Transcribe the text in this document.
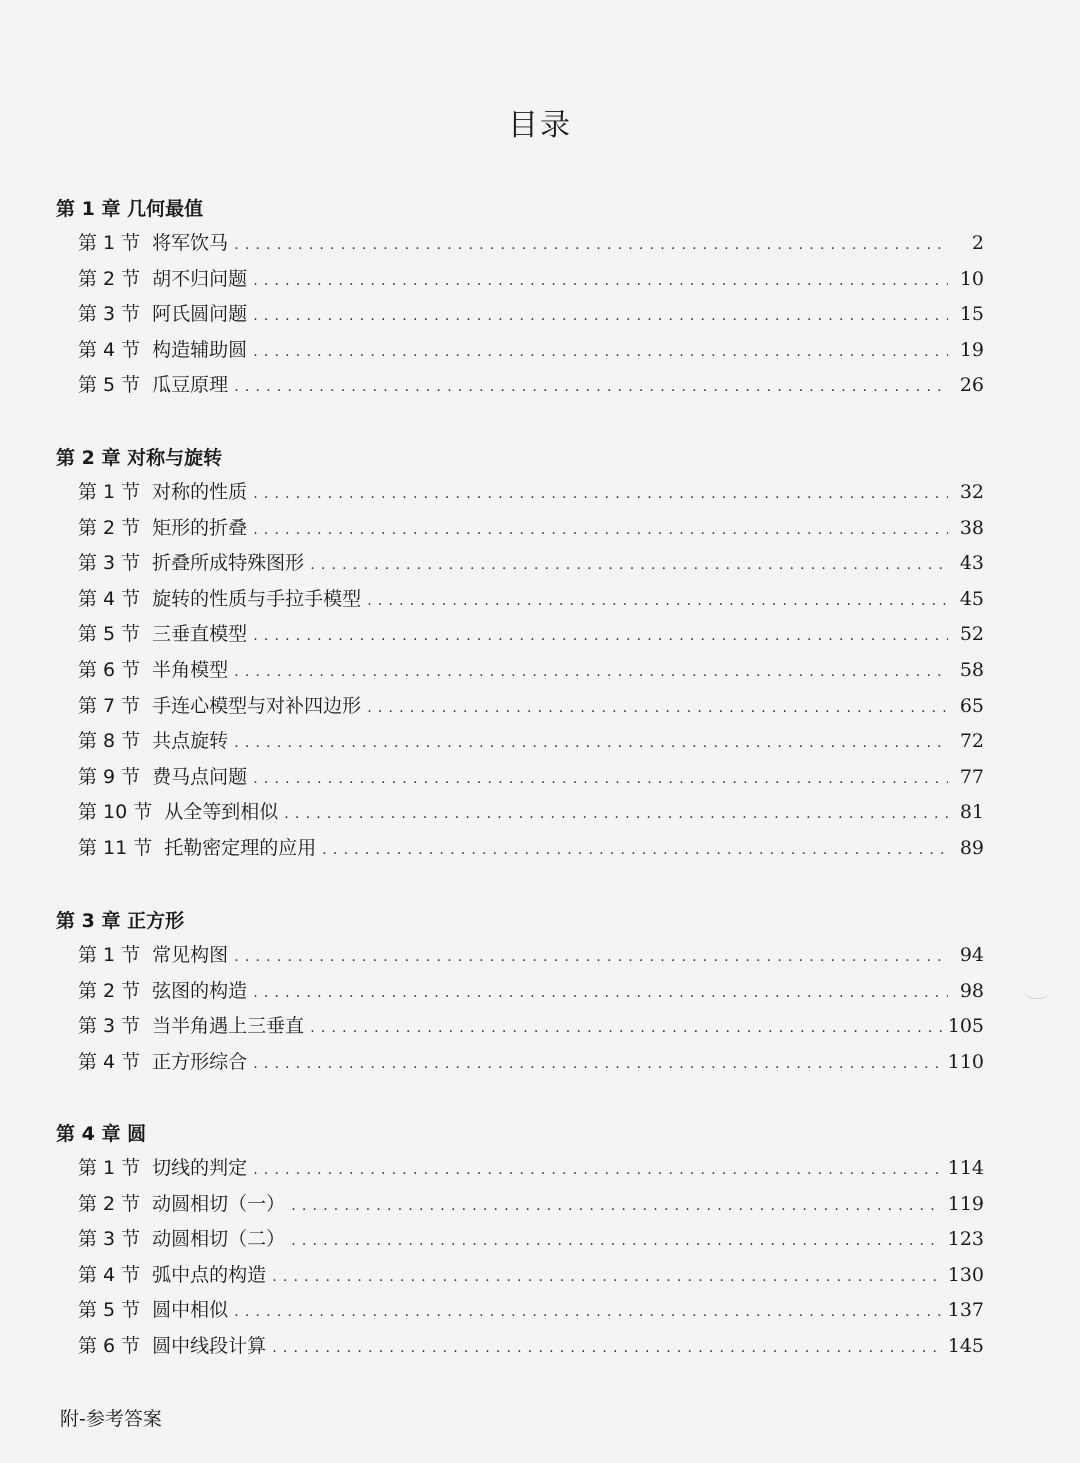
目录
第 1 章 几何最值
第 1 节 将军饮马 .....	2
第 2 节 胡不归问题 .....	10
第 3 节 阿氏圆问题 .....	15
第 4 节 构造辅助圆 .....	19
第 5 节 瓜豆原理 .....	26
第 2 章 对称与旋转
第 1 节 对称的性质 .....	32
第 2 节 矩形的折叠 .....	38
第 3 节 折叠所成特殊图形 .....	43
第 4 节 旋转的性质与手拉手模型 .....	45
第 5 节 三垂直模型 .....	52
第 6 节 半角模型 .....	58
第 7 节 手连心模型与对补四边形 .....	65
第 8 节 共点旋转 .....	72
第 9 节 费马点问题 .....	77
第 10 节 从全等到相似 .....	81
第 11 节 托勒密定理的应用 .....	89
第 3 章 正方形
第 1 节 常见构图 .....	94
第 2 节 弦图的构造 .....	98
第 3 节 当半角遇上三垂直 .....	105
第 4 节 正方形综合 .....	110
第 4 章 圆
第 1 节 切线的判定 .....	114
第 2 节 动圆相切（一） .....	119
第 3 节 动圆相切（二） .....	123
第 4 节 弧中点的构造 .....	130
第 5 节 圆中相似 .....	137
第 6 节 圆中线段计算 .....	145
附-参考答案
